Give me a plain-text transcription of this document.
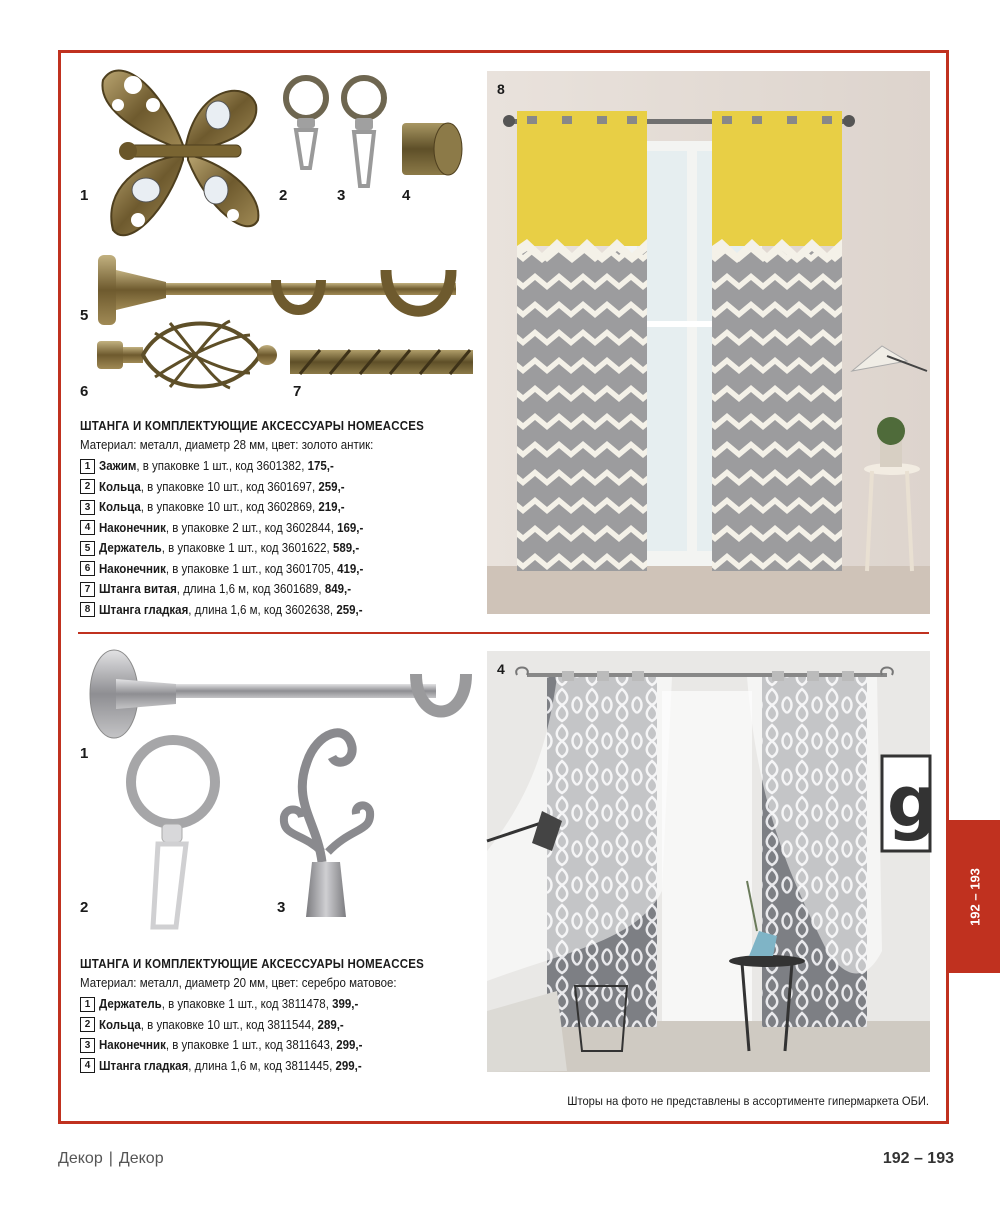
1	2	3	4
5
6	7
ШТАНГА И КОМПЛЕКТУЮЩИЕ АКСЕССУАРЫ HOMEACCES
Материал: металл, диаметр 28 мм, цвет: золото антик:
1 Зажим, в упаковке 1 шт., код 3601382, 175,-
2 Кольца, в упаковке 10 шт., код 3601697, 259,-
3 Кольца, в упаковке 10 шт., код 3602869, 219,-
4 Наконечник, в упаковке 2 шт., код 3602844, 169,-
5 Держатель, в упаковке 1 шт., код 3601622, 589,-
6 Наконечник, в упаковке 1 шт., код 3601705, 419,-
7 Штанга витая, длина 1,6 м, код 3601689, 849,-
8 Штанга гладкая, длина 1,6 м, код 3602638, 259,-
8
1
2	3
ШТАНГА И КОМПЛЕКТУЮЩИЕ АКСЕССУАРЫ HOMEACCES
Материал: металл, диаметр 20 мм, цвет: серебро матовое:
1 Держатель, в упаковке 1 шт., код 3811478, 399,-
2 Кольца, в упаковке 10 шт., код 3811544, 289,-
3 Наконечник, в упаковке 1 шт., код 3811643, 299,-
4 Штанга гладкая, длина 1,6 м, код 3811445, 299,-
g
4
Шторы на фото не представлены в ассортименте гипермаркета ОБИ.
192 – 193
Декор | Декор	192 – 193
